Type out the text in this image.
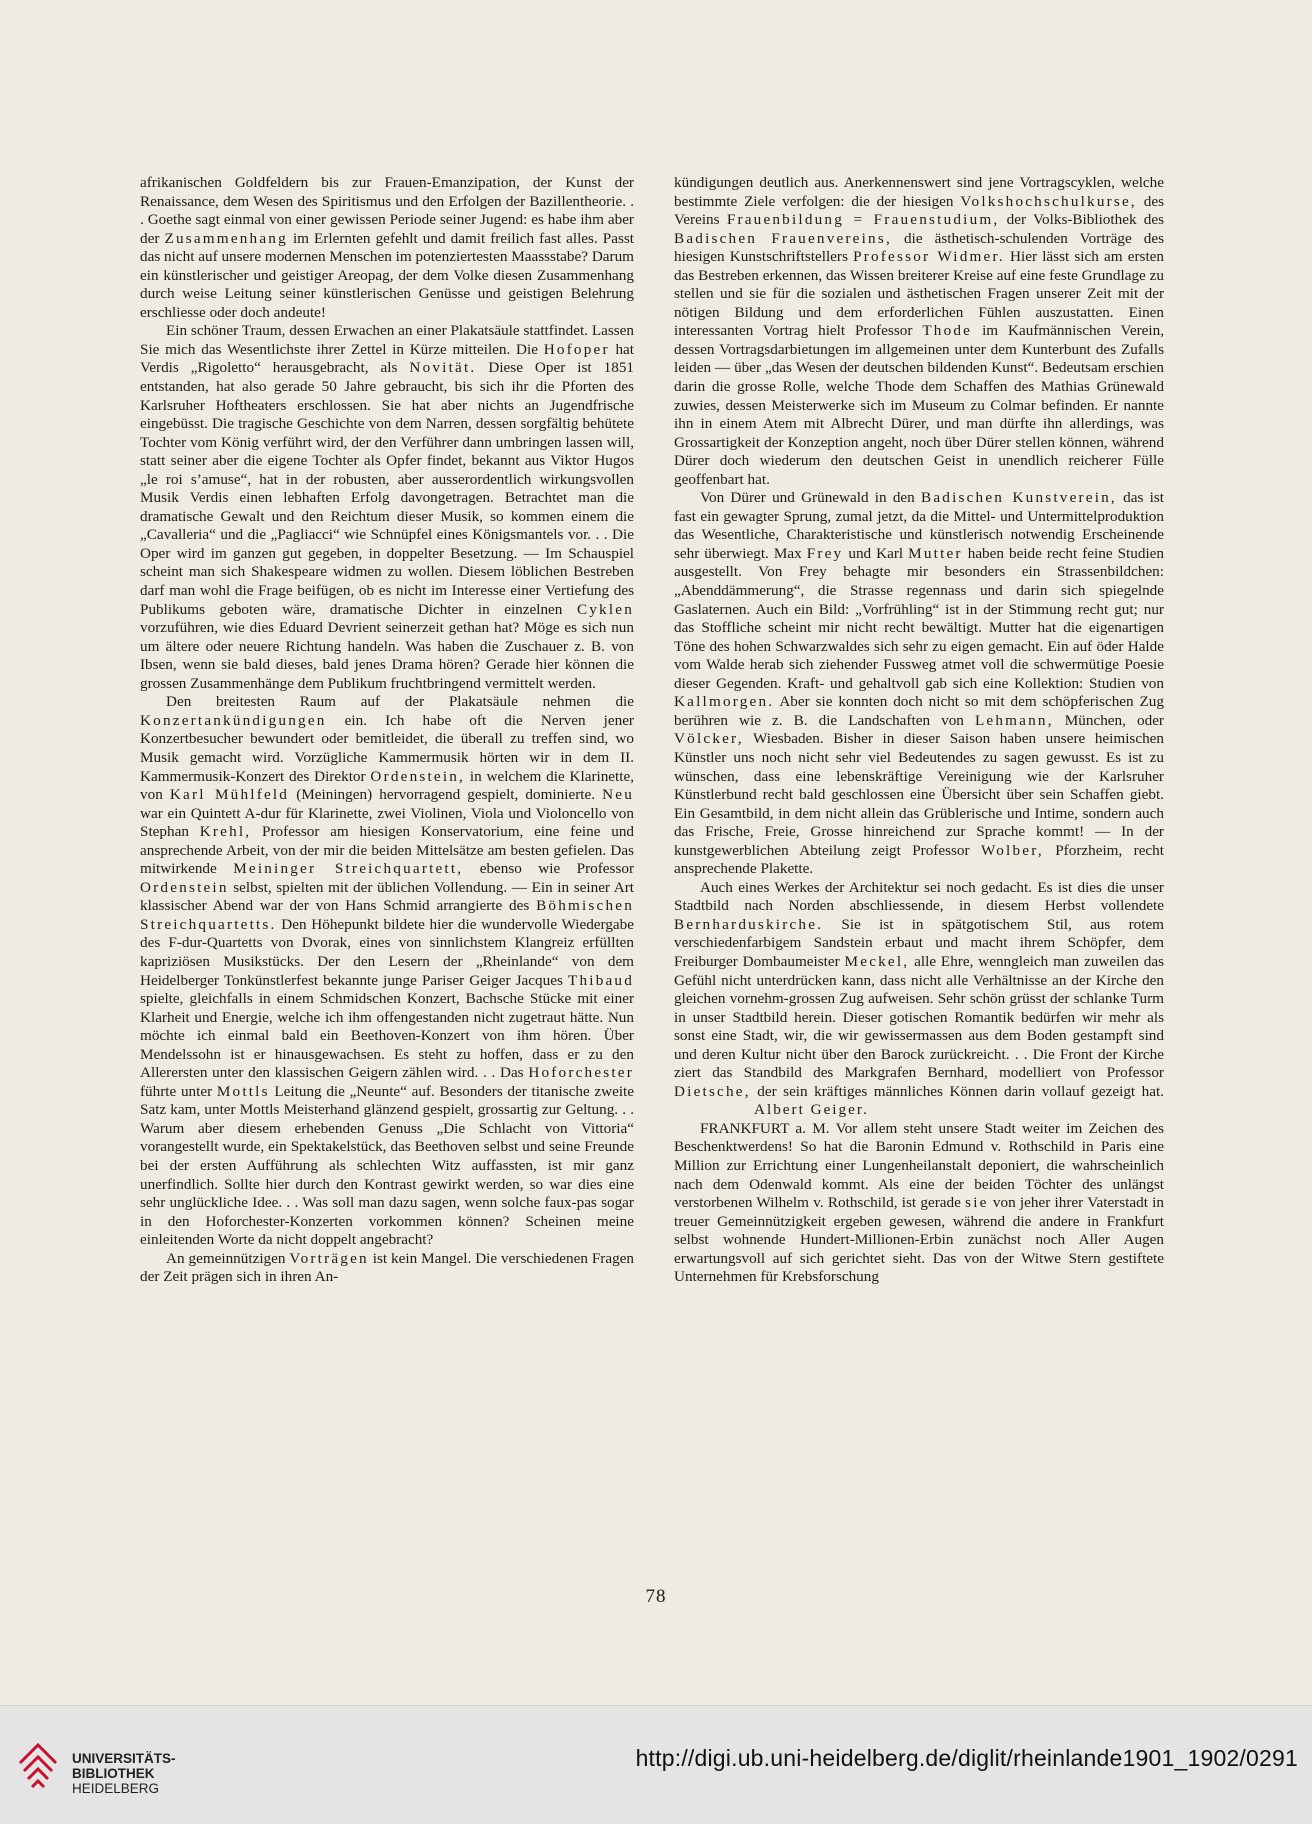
afrikanischen Goldfeldern bis zur Frauen-Emanzipation, der Kunst der Renaissance, dem Wesen des Spiritismus und den Erfolgen der Bazillentheorie. . . Goethe sagt einmal von einer gewissen Periode seiner Jugend: es habe ihm aber der Zusammenhang im Erlernten gefehlt und damit freilich fast alles. Passt das nicht auf unsere modernen Menschen im potenziertesten Maassstabe? Darum ein künstlerischer und geistiger Areopag, der dem Volke diesen Zusammenhang durch weise Leitung seiner künstlerischen Genüsse und geistigen Belehrung erschliesse oder doch andeute!

Ein schöner Traum, dessen Erwachen an einer Plakatsäule stattfindet. Lassen Sie mich das Wesentlichste ihrer Zettel in Kürze mitteilen. Die Hofoper hat Verdis „Rigoletto“ herausgebracht, als Novität. Diese Oper ist 1851 entstanden, hat also gerade 50 Jahre gebraucht, bis sich ihr die Pforten des Karlsruher Hoftheaters erschlossen. Sie hat aber nichts an Jugendfrische eingebüsst. Die tragische Geschichte von dem Narren, dessen sorgfältig behütete Tochter vom König verführt wird, der den Verführer dann umbringen lassen will, statt seiner aber die eigene Tochter als Opfer findet, bekannt aus Viktor Hugos „le roi s’amuse“, hat in der robusten, aber ausserordentlich wirkungsvollen Musik Verdis einen lebhaften Erfolg davongetragen. Betrachtet man die dramatische Gewalt und den Reichtum dieser Musik, so kommen einem die „Cavalleria“ und die „Pagliacci“ wie Schnüpfel eines Königsmantels vor. . . Die Oper wird im ganzen gut gegeben, in doppelter Besetzung. — Im Schauspiel scheint man sich Shakespeare widmen zu wollen. Diesem löblichen Bestreben darf man wohl die Frage beifügen, ob es nicht im Interesse einer Vertiefung des Publikums geboten wäre, dramatische Dichter in einzelnen Cyklen vorzuführen, wie dies Eduard Devrient seinerzeit gethan hat? Möge es sich nun um ältere oder neuere Richtung handeln. Was haben die Zuschauer z. B. von Ibsen, wenn sie bald dieses, bald jenes Drama hören? Gerade hier können die grossen Zusammenhänge dem Publikum fruchtbringend vermittelt werden.

Den breitesten Raum auf der Plakatsäule nehmen die Konzertankündigungen ein. Ich habe oft die Nerven jener Konzertbesucher bewundert oder bemitleidet, die überall zu treffen sind, wo Musik gemacht wird. Vorzügliche Kammermusik hörten wir in dem II. Kammermusik-Konzert des Direktor Ordenstein, in welchem die Klarinette, von Karl Mühlfeld (Meiningen) hervorragend gespielt, dominierte. Neu war ein Quintett A-dur für Klarinette, zwei Violinen, Viola und Violoncello von Stephan Krehl, Professor am hiesigen Konservatorium, eine feine und ansprechende Arbeit, von der mir die beiden Mittelsätze am besten gefielen. Das mitwirkende Meininger Streichquartett, ebenso wie Professor Ordenstein selbst, spielten mit der üblichen Vollendung. — Ein in seiner Art klassischer Abend war der von Hans Schmid arrangierte des Böhmischen Streichquartetts. Den Höhepunkt bildete hier die wundervolle Wiedergabe des F-dur-Quartetts von Dvorak, eines von sinnlichstem Klangreiz erfüllten kapriziösen Musikstücks. Der den Lesern der „Rheinlande“ von dem Heidelberger Tonkünstlerfest bekannte junge Pariser Geiger Jacques Thibaud spielte, gleichfalls in einem Schmidschen Konzert, Bachsche Stücke mit einer Klarheit und Energie, welche ich ihm offengestanden nicht zugetraut hätte. Nun möchte ich einmal bald ein Beethoven-Konzert von ihm hören. Über Mendelssohn ist er hinausgewachsen. Es steht zu hoffen, dass er zu den Allerersten unter den klassischen Geigern zählen wird. . . Das Hoforchester führte unter Mottls Leitung die „Neunte“ auf. Besonders der titanische zweite Satz kam, unter Mottls Meisterhand glänzend gespielt, grossartig zur Geltung. . . Warum aber diesem erhebenden Genuss „Die Schlacht von Vittoria“ vorangestellt wurde, ein Spektakelstück, das Beethoven selbst und seine Freunde bei der ersten Aufführung als schlechten Witz auffassten, ist mir ganz unerfindlich. Sollte hier durch den Kontrast gewirkt werden, so war dies eine sehr unglückliche Idee. . . Was soll man dazu sagen, wenn solche faux-pas sogar in den Hoforchester-Konzerten vorkommen können? Scheinen meine einleitenden Worte da nicht doppelt angebracht?

An gemeinnützigen Vorträgen ist kein Mangel. Die verschiedenen Fragen der Zeit prägen sich in ihren An-

kündigungen deutlich aus. Anerkennenswert sind jene Vortragscyklen, welche bestimmte Ziele verfolgen: die der hiesigen Volkshochschulkurse, des Vereins Frauenbildung = Frauenstudium, der Volks-Bibliothek des Badischen Frauenvereins, die ästhetisch-schulenden Vorträge des hiesigen Kunstschriftstellers Professor Widmer. Hier lässt sich am ersten das Bestreben erkennen, das Wissen breiterer Kreise auf eine feste Grundlage zu stellen und sie für die sozialen und ästhetischen Fragen unserer Zeit mit der nötigen Bildung und dem erforderlichen Fühlen auszustatten. Einen interessanten Vortrag hielt Professor Thode im Kaufmännischen Verein, dessen Vortragsdarbietungen im allgemeinen unter dem Kunterbunt des Zufalls leiden — über „das Wesen der deutschen bildenden Kunst“. Bedeutsam erschien darin die grosse Rolle, welche Thode dem Schaffen des Mathias Grünewald zuwies, dessen Meisterwerke sich im Museum zu Colmar befinden. Er nannte ihn in einem Atem mit Albrecht Dürer, und man dürfte ihn allerdings, was Grossartigkeit der Konzeption angeht, noch über Dürer stellen können, während Dürer doch wiederum den deutschen Geist in unendlich reicherer Fülle geoffenbart hat.

Von Dürer und Grünewald in den Badischen Kunstverein, das ist fast ein gewagter Sprung, zumal jetzt, da die Mittel- und Untermittelproduktion das Wesentliche, Charakteristische und künstlerisch notwendig Erscheinende sehr überwiegt. Max Frey und Karl Mutter haben beide recht feine Studien ausgestellt. Von Frey behagte mir besonders ein Strassenbildchen: „Abenddämmerung“, die Strasse regennass und darin sich spiegelnde Gaslaternen. Auch ein Bild: „Vorfrühling“ ist in der Stimmung recht gut; nur das Stoffliche scheint mir nicht recht bewältigt. Mutter hat die eigenartigen Töne des hohen Schwarzwaldes sich sehr zu eigen gemacht. Ein auf öder Halde vom Walde herab sich ziehender Fussweg atmet voll die schwermütige Poesie dieser Gegenden. Kraft- und gehaltvoll gab sich eine Kollektion: Studien von Kallmorgen. Aber sie konnten doch nicht so mit dem schöpferischen Zug berühren wie z. B. die Landschaften von Lehmann, München, oder Völcker, Wiesbaden. Bisher in dieser Saison haben unsere heimischen Künstler uns noch nicht sehr viel Bedeutendes zu sagen gewusst. Es ist zu wünschen, dass eine lebenskräftige Vereinigung wie der Karlsruher Künstlerbund recht bald geschlossen eine Übersicht über sein Schaffen giebt. Ein Gesamtbild, in dem nicht allein das Grüblerische und Intime, sondern auch das Frische, Freie, Grosse hinreichend zur Sprache kommt! — In der kunstgewerblichen Abteilung zeigt Professor Wolber, Pforzheim, recht ansprechende Plakette.

Auch eines Werkes der Architektur sei noch gedacht. Es ist dies die unser Stadtbild nach Norden abschliessende, in diesem Herbst vollendete Bernharduskirche. Sie ist in spätgotischem Stil, aus rotem verschiedenfarbigem Sandstein erbaut und macht ihrem Schöpfer, dem Freiburger Dombaumeister Meckel, alle Ehre, wenngleich man zuweilen das Gefühl nicht unterdrücken kann, dass nicht alle Verhältnisse an der Kirche den gleichen vornehm-grossen Zug aufweisen. Sehr schön grüsst der schlanke Turm in unser Stadtbild herein. Dieser gotischen Romantik bedürfen wir mehr als sonst eine Stadt, wir, die wir gewissermassen aus dem Boden gestampft sind und deren Kultur nicht über den Barock zurückreicht. . . Die Front der Kirche ziert das Standbild des Markgrafen Bernhard, modelliert von Professor Dietsche, der sein kräftiges männliches Können darin vollauf gezeigt hat. Albert Geiger.

FRANKFURT a. M. Vor allem steht unsere Stadt weiter im Zeichen des Beschenktwerdens! So hat die Baronin Edmund v. Rothschild in Paris eine Million zur Errichtung einer Lungenheilanstalt deponiert, die wahrscheinlich nach dem Odenwald kommt. Als eine der beiden Töchter des unlängst verstorbenen Wilhelm v. Rothschild, ist gerade sie von jeher ihrer Vaterstadt in treuer Gemeinnützigkeit ergeben gewesen, während die andere in Frankfurt selbst wohnende Hundert-Millionen-Erbin zunächst noch Aller Augen erwartungsvoll auf sich gerichtet sieht. Das von der Witwe Stern gestiftete Unternehmen für Krebsforschung

78
UNIVERSITÄTS-
BIBLIOTHEK
HEIDELBERG
http://digi.ub.uni-heidelberg.de/diglit/rheinlande1901_1902/0291
